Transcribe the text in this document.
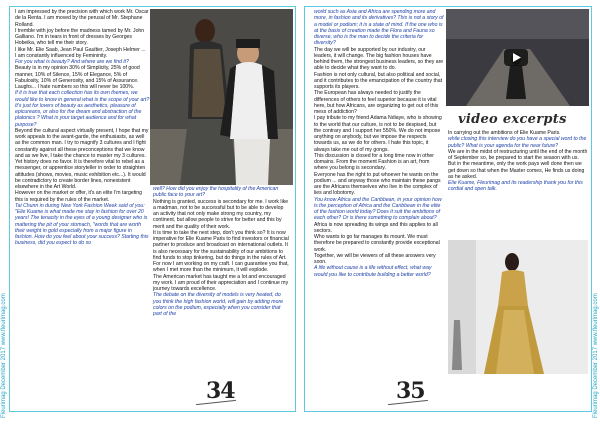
Fleurimag December 2017 www.fleurimag.com	Fleurimag December 2017 www.fleurimag.com

I am impressed by the precision with which work Mr. Oscar de la Renta. I am moved by the perusal of Mr. Stephane Rolland.

I tremble with joy before the madness tamed by Mr. John Galliano. I'm in tears in front of dresses by Georges Hobeika, who tell me their story.

I like Mr. Elie Saab, Jean Paul Gaultier, Joseph Helmer ...

I am constantly influenced by Femininity.

For you what is beauty? And where are we find it?

Beauty is in my opinion 30% of Simplicity, 25% of good manner, 10% of Silence, 15% of Elegance, 5% of Fabulosity, 10% of Generosity, and 15% of Assurance.

Laughs... I hate numbers so this will never be 100%.

If it is true that each collection has its own themes, we would like to know in general what is the scope of your art? It's just for lovers of beauty as aesthetics, pleasure of epicureans, or also for the dream and abstraction of the platonics ? What is your target audience and for what purpose?

Beyond the cultural aspect virtually present, I hope that my work appeals to the avant-garde, the enthusiasts, as well as the common man. I try to magnify 3 cultures and I fight constantly against all these preconceptions that we know and as we live, I take the chance to master my 3 cultures. Yet history does no favor. It is therefore vital to rebel as a messenger, or apprentice storyteller in order to straighten attitudes (shows, movies, music exhibition etc...). It would be contradictory to create border lines, nonexistent elsewhere in the Art World.

However on the market or offer, it's an elite I'm targeting this is required by the rules of the market.

Tai Chunn in during New York Fashion Week said of you: "Elie Kuame is what made me stay in fashion for over 20 years! The tenacity in the eyes of a young designer who is mattering the pit of your stomach, "words that are worth their weight in gold especially from a major figure in fashion. How do you feel about your success? Starting this business, did you expect to do so

well? How did you enjoy the hospitality of the American public face to your art?

Nothing is granted, success is secondary for me. I work like a madman, not to be successful but to be able to develop an activity that not only make strong my country, my continent, but allow people to strive for better and this by merit and the quality of their work.

It is time to take the next step, don't you think so? It is now imperative for Elie Kuame Paris to find investors or financial partner to produce and broadcast on international outlets. It is also necessary for the sustainability of our ambitions to find funds to stop tinkering, but do things in the rules of Art.

For now I am working on my craft. I can guarantee you that, when I met more than the minimum, it will explode.

The American market has taught me a lot and encouraged my work. I am proud of their appreciation and I continue my journey towards excellence.

The debate on the diversity of models is very heated, do you think the high fashion world, will gain by adding more colors on the podium, especially when you consider that part of the

34

world such as Asia and Africa are spending more and more, in fashion and its derivatives? This is not a story of a model or podium; it is a state of mind. If the one who is at the basis of creation made the Flora and Fauna so diverse, who is the man to decide the criteria for diversity?

The day we will be supported by our industry, our leaders, it will change. The big fashion houses have behind them, the strongest business leaders, so they are able to decide what they want to do.

Fashion is not only cultural, but also political and social, and it contributes to the emancipation of the country that supports its players.

The European has always needed to justify the differences of others to feel superior because it is vital here, but how Africans, are organizing to get out of this mess of addiction?

I pay tribute to my friend Adama Ndiaye, who is showing to the world that our culture, is not to be despised, but the contrary and I support her 550%. We do not impose anything on anybody, but we impose the respects towards us, as we do for others. I hate this topic, it always take me out of my gongs.

This discussion is closed for a long time now in other domains. From the moment Fashion is an art, from where you belong is secondary.

Everyone has the right to put whoever he wants on the podium ... and anyway those who maintain these pangs are the Africans themselves who live in the complex of lies and lobotomy.

You know Africa and the Caribbean, in your opinion how is the perception of Africa and the Caribbean in the elite of the fashion world today? Does it suit the ambitions of each other? Or is there something to complain about?

Africa is now spreading its wings and this applies to all sectors.

Who wants to go far manages its mount. We must therefore be prepared to constantly provide exceptional work.

Together, we will be viewers of all these answers very soon.

A life without cause is a life without effect, what way would you like to contribute building a better world?

video excerpts

In carrying out the ambitions of Elie Kuame Paris.

while closing this interview do you have a special word to the public? What is your agenda for the near future?

We are in the midst of restructuring until the end of the month of September so, be prepared to start the season with us. But in the meantime, only the work pays well done then we get down so that when the Master comes, He finds us doing as he asked.

Elie Kuame, Fleurimag and its readership thank you for this cordial and open talk.

35
